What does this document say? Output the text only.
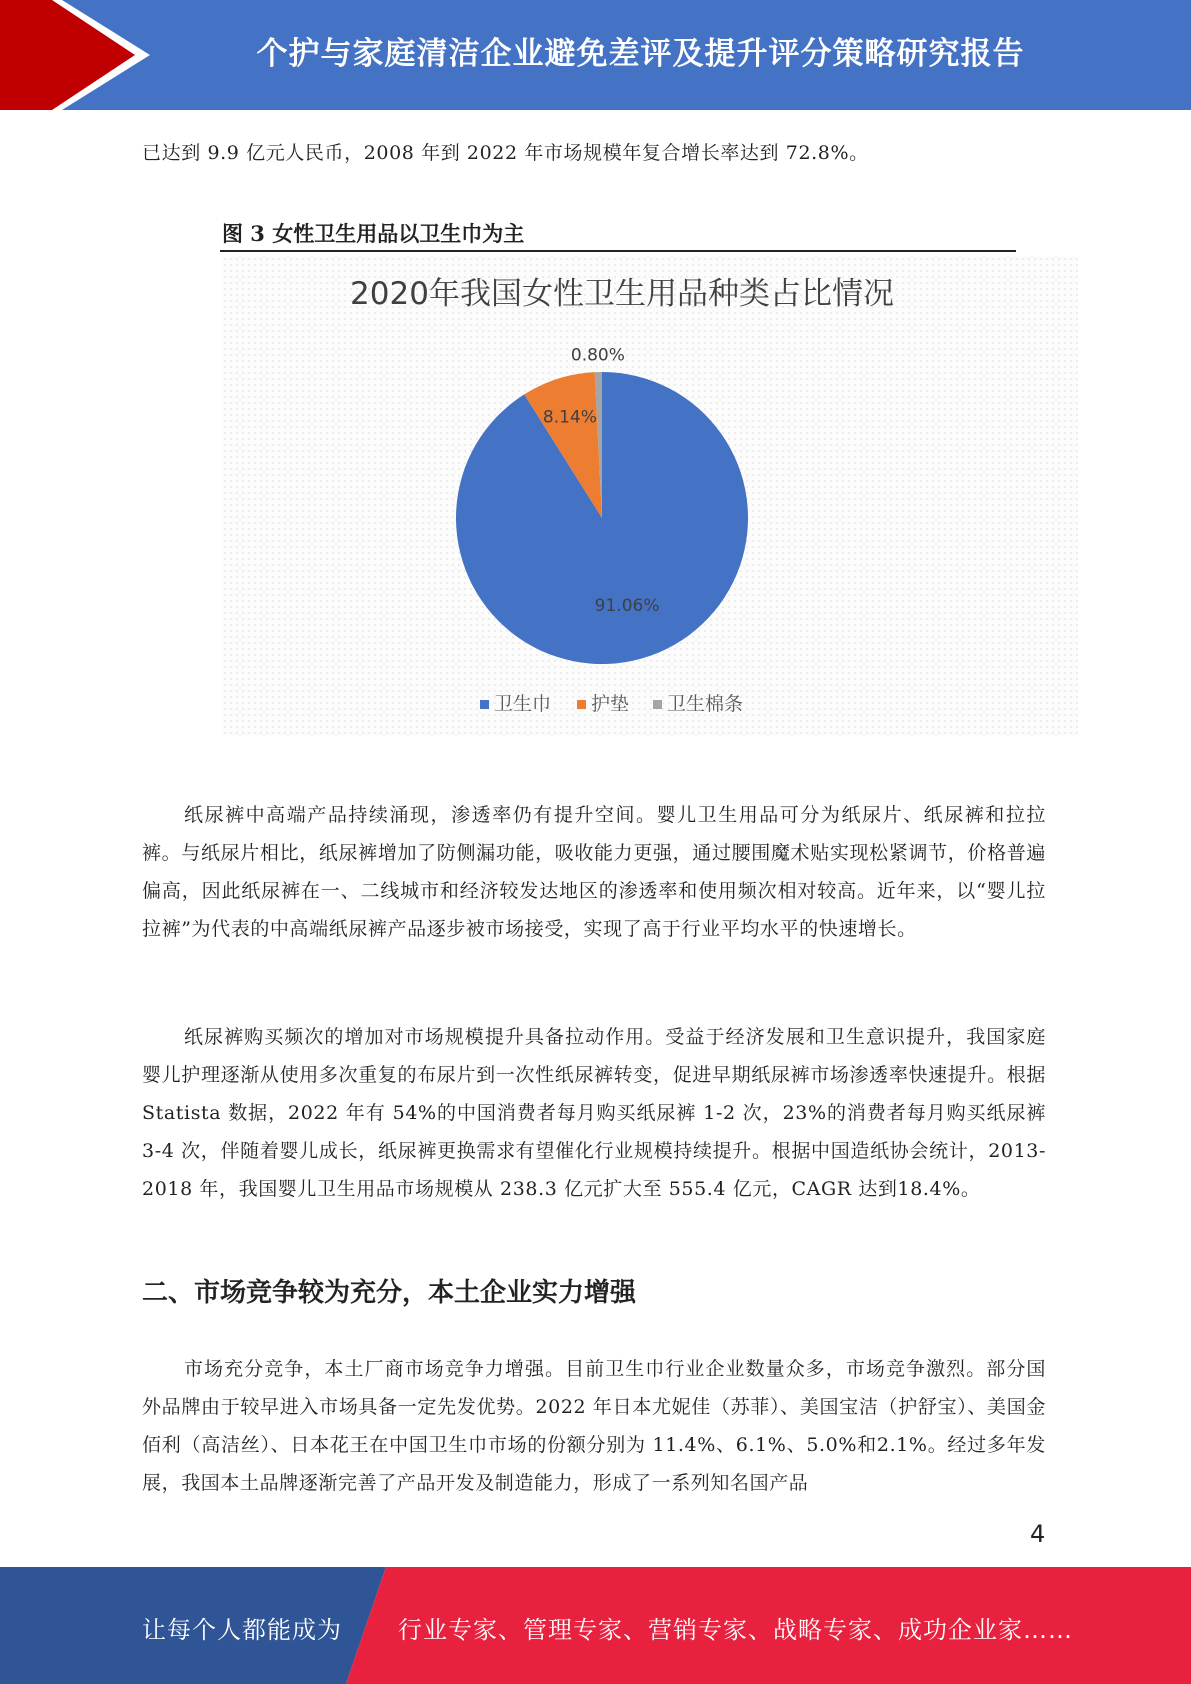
个护与家庭清洁企业避免差评及提升评分策略研究报告

已达到 9.9 亿元人民币，2008 年到 2022 年市场规模年复合增长率达到 72.8%。

图 3 女性卫生用品以卫生巾为主
2020年我国女性卫生用品种类占比情况
91.06%
8.14%
0.80%
卫生巾 护垫 卫生棉条

纸尿裤中高端产品持续涌现，渗透率仍有提升空间。婴儿卫生用品可分为纸尿片、纸尿裤和拉拉裤。与纸尿片相比，纸尿裤增加了防侧漏功能，吸收能力更强，通过腰围魔术贴实现松紧调节，价格普遍偏高，因此纸尿裤在一、二线城市和经济较发达地区的渗透率和使用频次相对较高。近年来，以“婴儿拉拉裤”为代表的中高端纸尿裤产品逐步被市场接受，实现了高于行业平均水平的快速增长。

纸尿裤购买频次的增加对市场规模提升具备拉动作用。受益于经济发展和卫生意识提升，我国家庭婴儿护理逐渐从使用多次重复的布尿片到一次性纸尿裤转变，促进早期纸尿裤市场渗透率快速提升。根据 Statista 数据，2022 年有 54%的中国消费者每月购买纸尿裤 1-2 次，23%的消费者每月购买纸尿裤 3-4 次，伴随着婴儿成长，纸尿裤更换需求有望催化行业规模持续提升。根据中国造纸协会统计，2013-2018 年，我国婴儿卫生用品市场规模从 238.3 亿元扩大至 555.4 亿元，CAGR 达到18.4%。

二、市场竞争较为充分，本土企业实力增强

市场充分竞争，本土厂商市场竞争力增强。目前卫生巾行业企业数量众多，市场竞争激烈。部分国外品牌由于较早进入市场具备一定先发优势。2022 年日本尤妮佳（苏菲）、美国宝洁（护舒宝）、美国金佰利（高洁丝）、日本花王在中国卫生巾市场的份额分别为 11.4%、6.1%、5.0%和2.1%。经过多年发展，我国本土品牌逐渐完善了产品开发及制造能力，形成了一系列知名国产品

4
让每个人都能成为 行业专家、管理专家、营销专家、战略专家、成功企业家……
